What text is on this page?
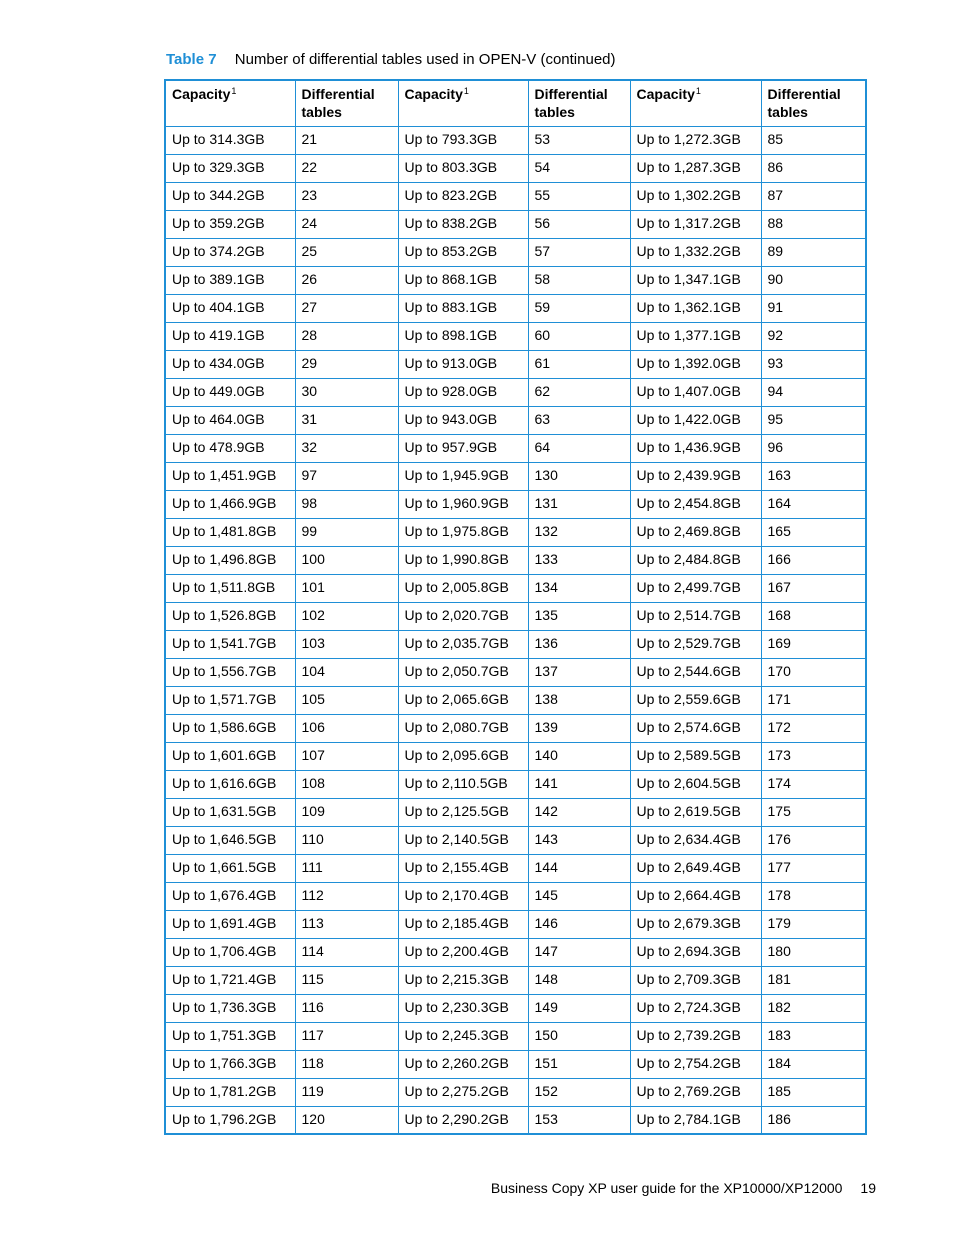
Table 7 Number of differential tables used in OPEN-V (continued)
Capacity$^1$	Differential tables	Capacity$^1$	Differential tables	Capacity$^1$	Differential tables
Up to 314.3GB	21	Up to 793.3GB	53	Up to 1,272.3GB	85
Up to 329.3GB	22	Up to 803.3GB	54	Up to 1,287.3GB	86
Up to 344.2GB	23	Up to 823.2GB	55	Up to 1,302.2GB	87
Up to 359.2GB	24	Up to 838.2GB	56	Up to 1,317.2GB	88
Up to 374.2GB	25	Up to 853.2GB	57	Up to 1,332.2GB	89
Up to 389.1GB	26	Up to 868.1GB	58	Up to 1,347.1GB	90
Up to 404.1GB	27	Up to 883.1GB	59	Up to 1,362.1GB	91
Up to 419.1GB	28	Up to 898.1GB	60	Up to 1,377.1GB	92
Up to 434.0GB	29	Up to 913.0GB	61	Up to 1,392.0GB	93
Up to 449.0GB	30	Up to 928.0GB	62	Up to 1,407.0GB	94
Up to 464.0GB	31	Up to 943.0GB	63	Up to 1,422.0GB	95
Up to 478.9GB	32	Up to 957.9GB	64	Up to 1,436.9GB	96
Up to 1,451.9GB	97	Up to 1,945.9GB	130	Up to 2,439.9GB	163
Up to 1,466.9GB	98	Up to 1,960.9GB	131	Up to 2,454.8GB	164
Up to 1,481.8GB	99	Up to 1,975.8GB	132	Up to 2,469.8GB	165
Up to 1,496.8GB	100	Up to 1,990.8GB	133	Up to 2,484.8GB	166
Up to 1,511.8GB	101	Up to 2,005.8GB	134	Up to 2,499.7GB	167
Up to 1,526.8GB	102	Up to 2,020.7GB	135	Up to 2,514.7GB	168
Up to 1,541.7GB	103	Up to 2,035.7GB	136	Up to 2,529.7GB	169
Up to 1,556.7GB	104	Up to 2,050.7GB	137	Up to 2,544.6GB	170
Up to 1,571.7GB	105	Up to 2,065.6GB	138	Up to 2,559.6GB	171
Up to 1,586.6GB	106	Up to 2,080.7GB	139	Up to 2,574.6GB	172
Up to 1,601.6GB	107	Up to 2,095.6GB	140	Up to 2,589.5GB	173
Up to 1,616.6GB	108	Up to 2,110.5GB	141	Up to 2,604.5GB	174
Up to 1,631.5GB	109	Up to 2,125.5GB	142	Up to 2,619.5GB	175
Up to 1,646.5GB	110	Up to 2,140.5GB	143	Up to 2,634.4GB	176
Up to 1,661.5GB	111	Up to 2,155.4GB	144	Up to 2,649.4GB	177
Up to 1,676.4GB	112	Up to 2,170.4GB	145	Up to 2,664.4GB	178
Up to 1,691.4GB	113	Up to 2,185.4GB	146	Up to 2,679.3GB	179
Up to 1,706.4GB	114	Up to 2,200.4GB	147	Up to 2,694.3GB	180
Up to 1,721.4GB	115	Up to 2,215.3GB	148	Up to 2,709.3GB	181
Up to 1,736.3GB	116	Up to 2,230.3GB	149	Up to 2,724.3GB	182
Up to 1,751.3GB	117	Up to 2,245.3GB	150	Up to 2,739.2GB	183
Up to 1,766.3GB	118	Up to 2,260.2GB	151	Up to 2,754.2GB	184
Up to 1,781.2GB	119	Up to 2,275.2GB	152	Up to 2,769.2GB	185
Up to 1,796.2GB	120	Up to 2,290.2GB	153	Up to 2,784.1GB	186
Business Copy XP user guide for the XP10000/XP12000 19
